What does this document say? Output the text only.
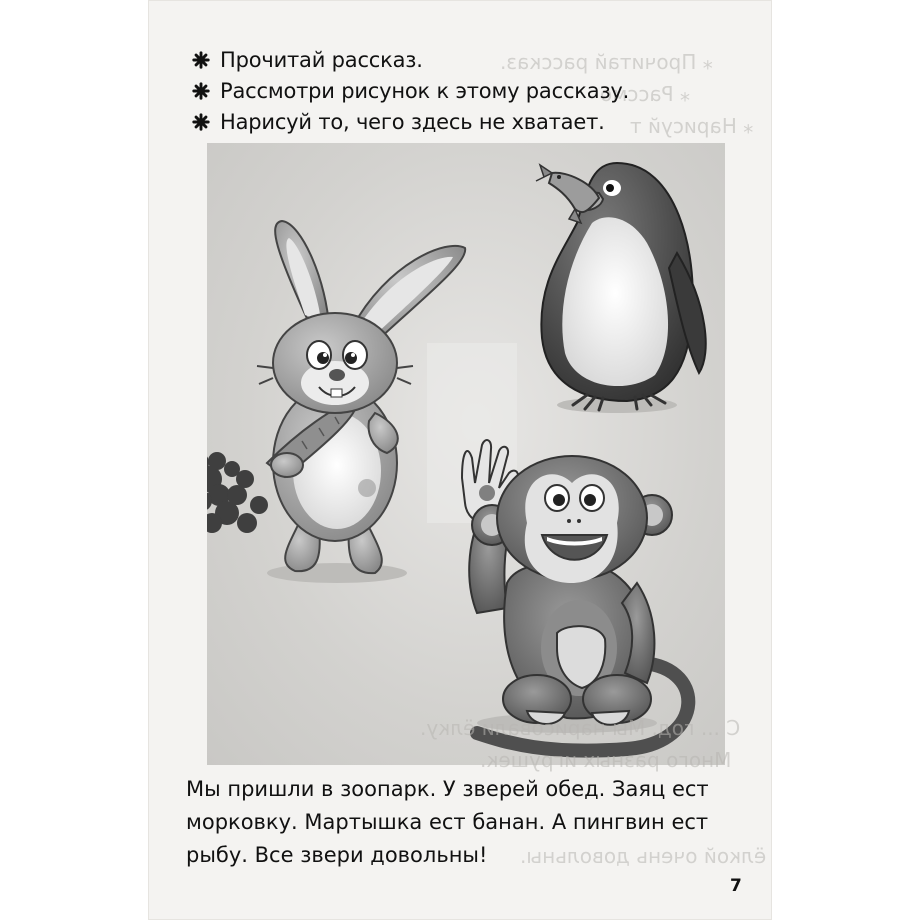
⁎ Прочитай рассказ.
⁎ Рассмо
⁎ Нарисуй т
Прочитай рассказ.
Рассмотри рисунок к этому рассказу.
Нарисуй то, чего здесь не хватает.
С ... год. Мы нарисовали ёлку.
Много разных игрушек.
ёлкой очень довольны.
Мы пришли в зоопарк. У зверей обед. Заяц ест
морковку. Мартышка ест банан. А пингвин ест
рыбу. Все звери довольны!
7
